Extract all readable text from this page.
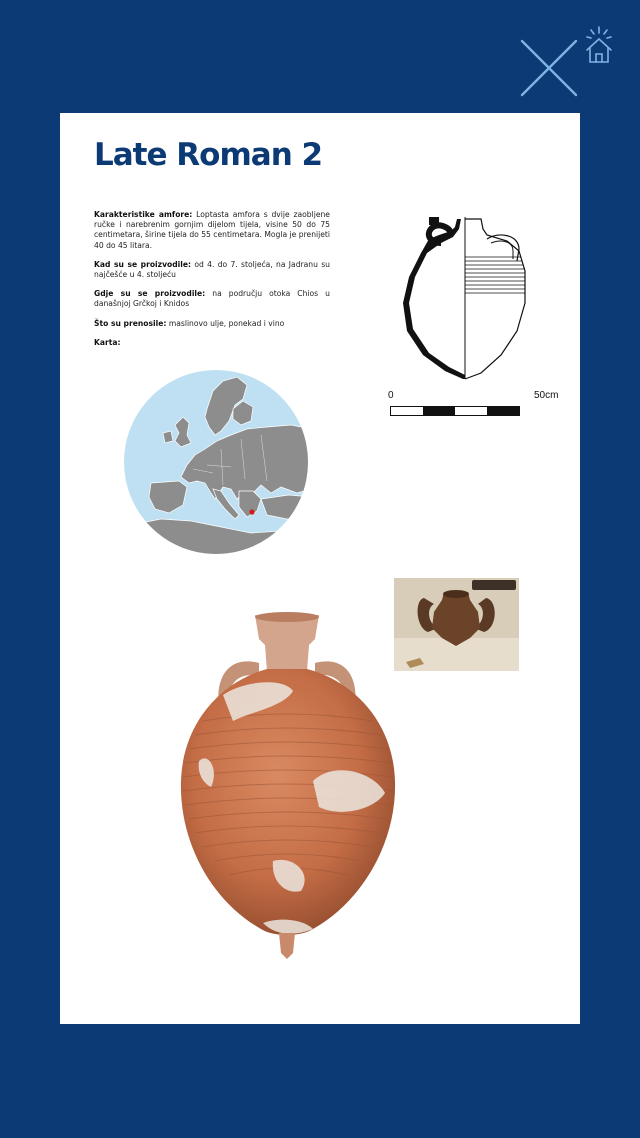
Late Roman 2

Karakteristike amfore: Loptasta amfora s dvije zaobljene ručke i narebrenim gornjim dijelom tijela, visine 50 do 75 centimetara, širine tijela do 55 centimetara. Mogla je prenijeti 40 do 45 litara.

Kad su se proizvodile: od 4. do 7. stoljeća, na Jadranu su najčešće u 4. stoljeću

Gdje su se proizvodile: na području otoka Chios u današnjoj Grčkoj i Knidos

Što su prenosile: maslinovo ulje, ponekad i vino

Karta:

0	50cm
